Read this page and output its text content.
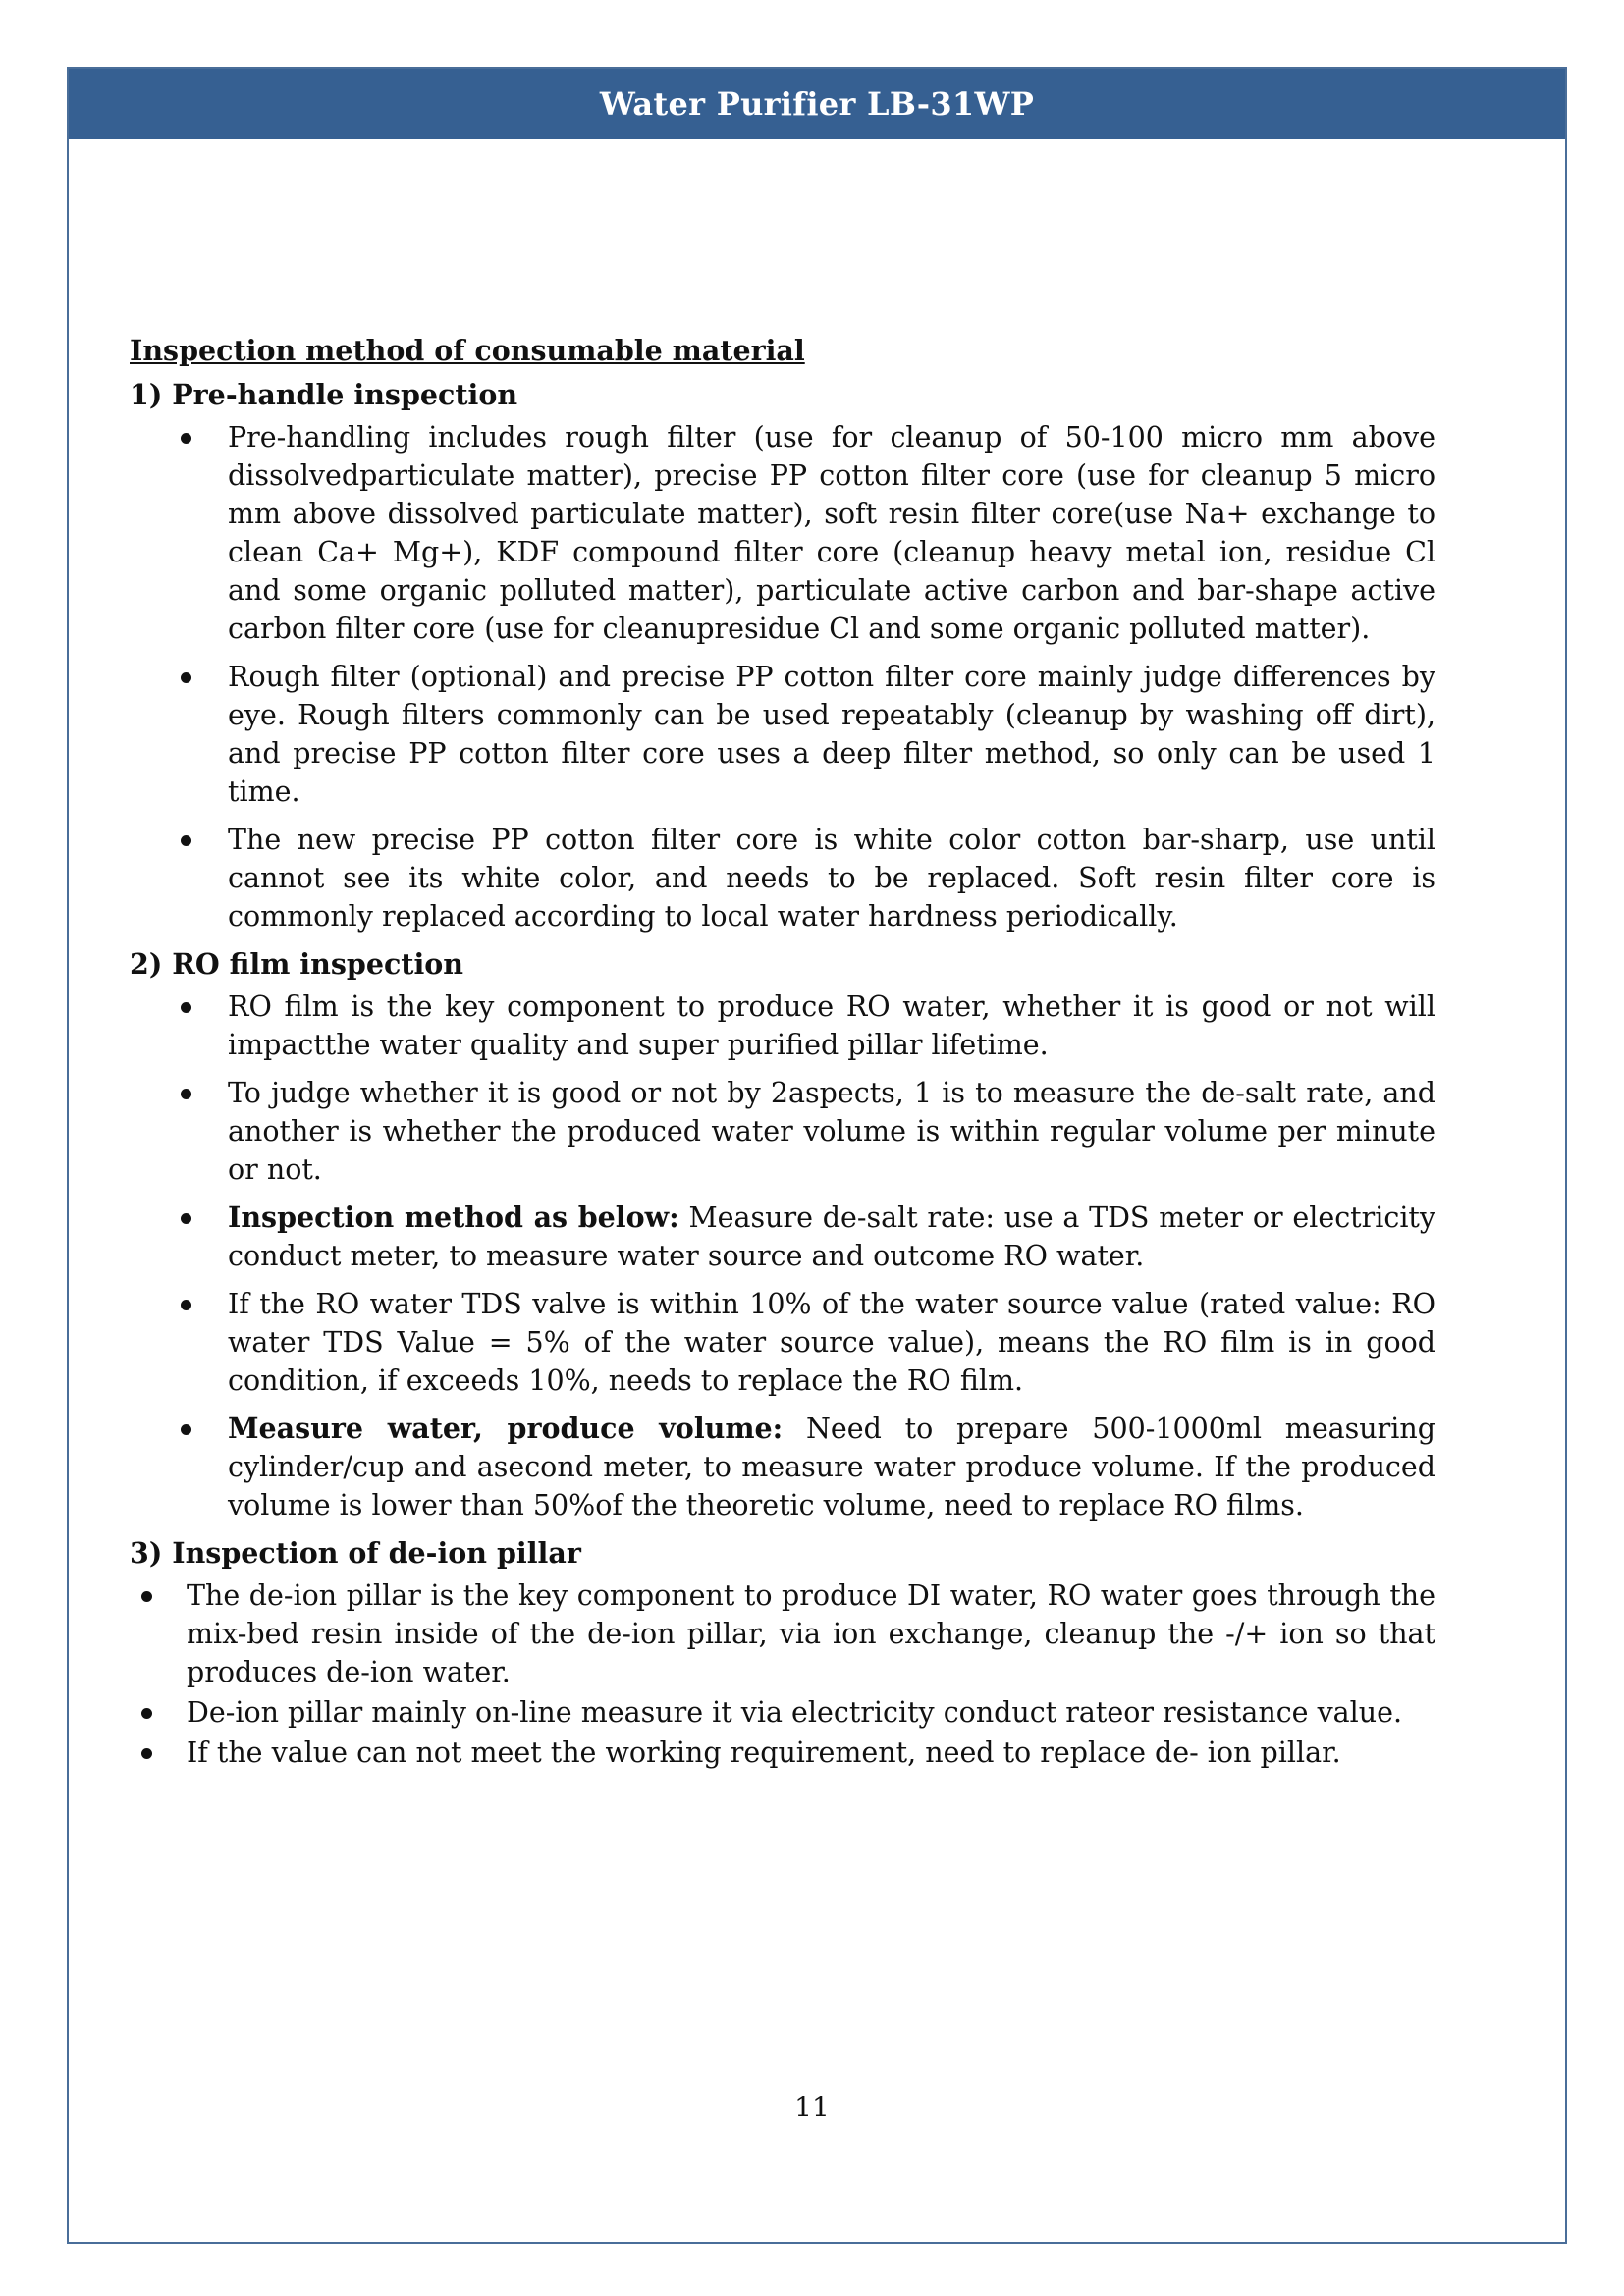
Water Purifier LB-31WP
Inspection method of consumable material
1) Pre-handle inspection
Pre-handling includes rough filter (use for cleanup of 50-100 micro mm above dissolvedparticulate matter), precise PP cotton filter core (use for cleanup 5 micro mm above dissolved particulate matter), soft resin filter core(use Na+ exchange to clean Ca+ Mg+), KDF compound filter core (cleanup heavy metal ion, residue Cl and some organic polluted matter), particulate active carbon and bar-shape active carbon filter core (use for cleanupresidue Cl and some organic polluted matter).
Rough filter (optional) and precise PP cotton filter core mainly judge differences by eye. Rough filters commonly can be used repeatably (cleanup by washing off dirt), and precise PP cotton filter core uses a deep filter method, so only can be used 1 time.
The new precise PP cotton filter core is white color cotton bar-sharp, use until cannot see its white color, and needs to be replaced. Soft resin filter core is commonly replaced according to local water hardness periodically.
2) RO film inspection
RO film is the key component to produce RO water, whether it is good or not will impactthe water quality and super purified pillar lifetime.
To judge whether it is good or not by 2aspects, 1 is to measure the de-salt rate, and another is whether the produced water volume is within regular volume per minute or not.
Inspection method as below: Measure de-salt rate: use a TDS meter or electricity conduct meter, to measure water source and outcome RO water.
If the RO water TDS valve is within 10% of the water source value (rated value: RO water TDS Value = 5% of the water source value), means the RO film is in good condition, if exceeds 10%, needs to replace the RO film.
Measure water, produce volume: Need to prepare 500-1000ml measuring cylinder/cup and asecond meter, to measure water produce volume. If the produced volume is lower than 50%of the theoretic volume, need to replace RO films.
3) Inspection of de-ion pillar
The de-ion pillar is the key component to produce DI water, RO water goes through the mix-bed resin inside of the de-ion pillar, via ion exchange, cleanup the -/+ ion so that produces de-ion water.
De-ion pillar mainly on-line measure it via electricity conduct rateor resistance value.
If the value can not meet the working requirement, need to replace de- ion pillar.
11
